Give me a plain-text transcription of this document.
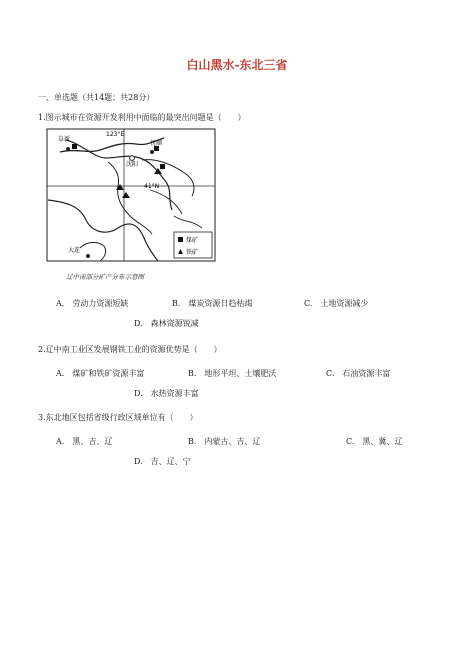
白山黑水-东北三省
一、单选题（共14题；共28分）
1.图示城市在资源开发利用中面临的最突出问题是（　　）
阜新
123°E
沈阳
抚顺
41°N
大连
煤矿
铁矿
辽中南部分矿产分布示意图
A.　劳动力资源短缺	B.　煤炭资源日趋枯竭	C.　土地资源减少
D.　森林资源锐减
2.辽中南工业区发展钢铁工业的资源优势是（　　）
A.　煤矿和铁矿资源丰富	B.　地形平坦、土壤肥沃	C.　石油资源丰富
D.　水热资源丰富
3.东北地区包括省级行政区域单位有（　　）
A.　黑、吉、辽	B.　内蒙古、吉、辽	C.　黑、冀、辽
D.　吉、辽、宁
